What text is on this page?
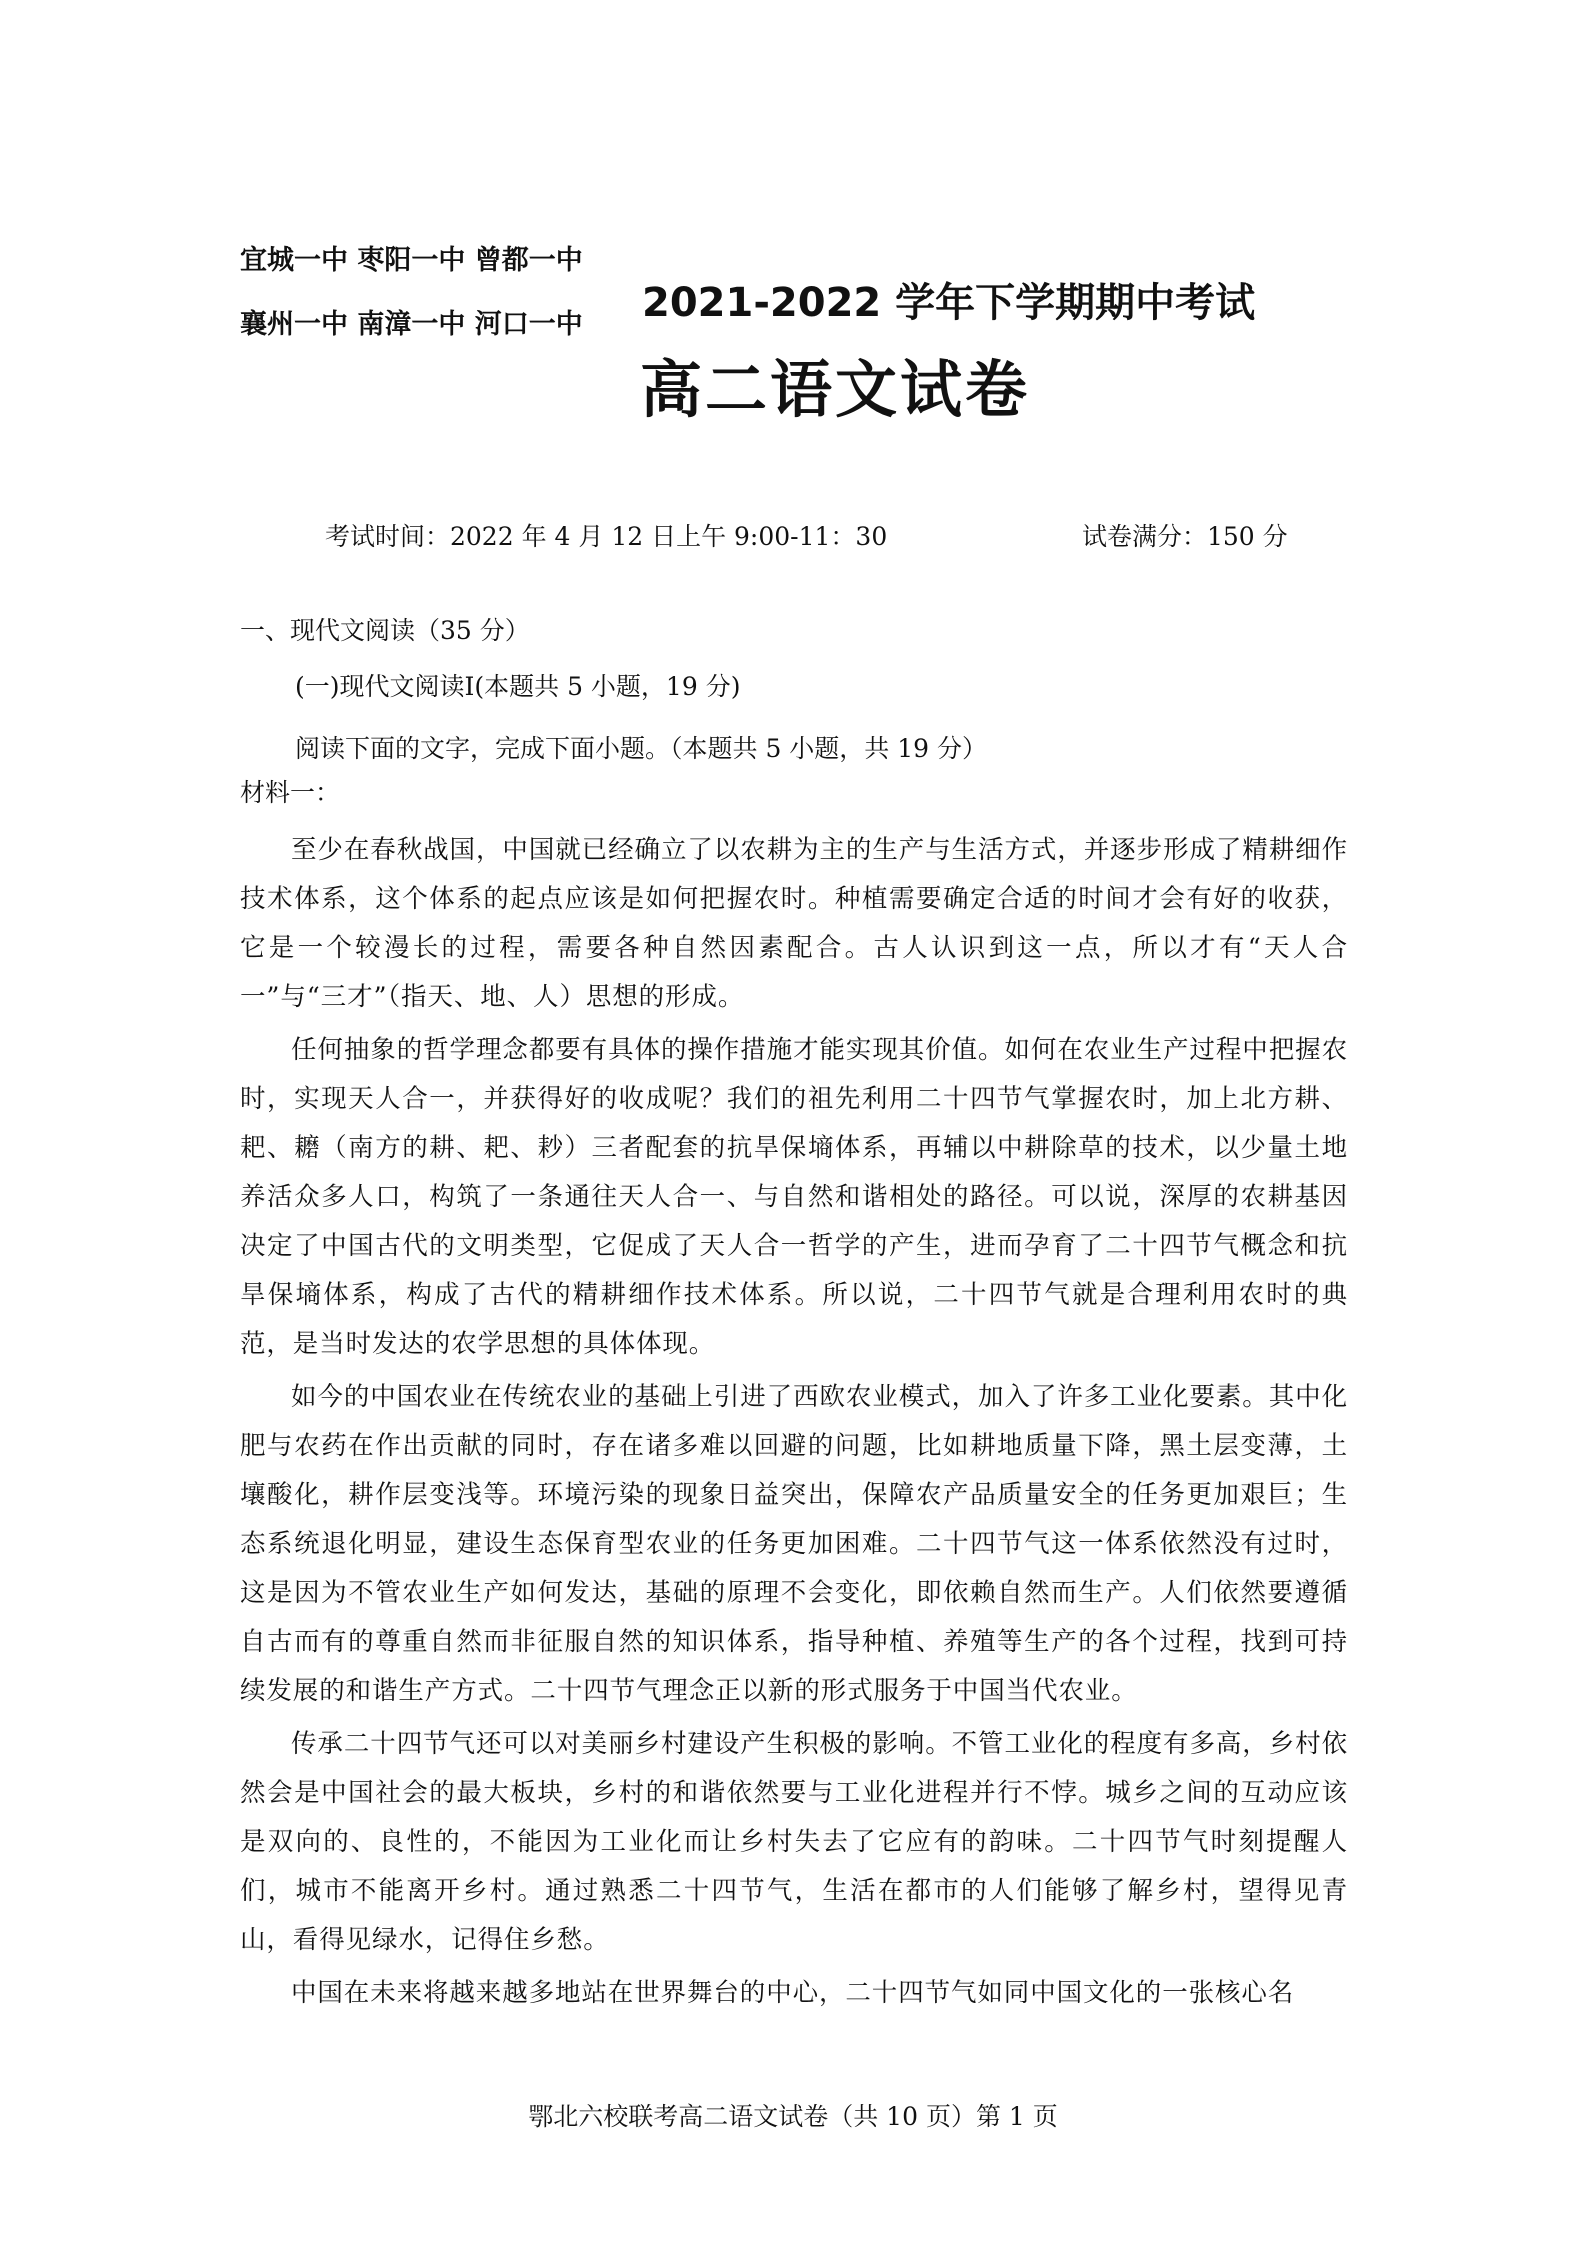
宜城一中 枣阳一中 曾都一中
襄州一中 南漳一中 河口一中 2021-2022 学年下学期期中考试
高二语文试卷
考试时间：2022 年 4 月 12 日上午 9:00-11：30	试卷满分：150 分
一、现代文阅读（35 分）
(一)现代文阅读Ⅰ(本题共 5 小题，19 分)
阅读下面的文字，完成下面小题。（本题共 5 小题，共 19 分）
材料一：

至少在春秋战国，中国就已经确立了以农耕为主的生产与生活方式，并逐步形成了精耕细作技术体系，这个体系的起点应该是如何把握农时。种植需要确定合适的时间才会有好的收获，它是一个较漫长的过程，需要各种自然因素配合。古人认识到这一点，所以才有“天人合一”与“三才”（指天、地、人）思想的形成。

任何抽象的哲学理念都要有具体的操作措施才能实现其价值。如何在农业生产过程中把握农时，实现天人合一，并获得好的收成呢？我们的祖先利用二十四节气掌握农时，加上北方耕、耙、耱（南方的耕、耙、耖）三者配套的抗旱保墒体系，再辅以中耕除草的技术，以少量土地养活众多人口，构筑了一条通往天人合一、与自然和谐相处的路径。可以说，深厚的农耕基因决定了中国古代的文明类型，它促成了天人合一哲学的产生，进而孕育了二十四节气概念和抗旱保墒体系，构成了古代的精耕细作技术体系。所以说，二十四节气就是合理利用农时的典范，是当时发达的农学思想的具体体现。

如今的中国农业在传统农业的基础上引进了西欧农业模式，加入了许多工业化要素。其中化肥与农药在作出贡献的同时，存在诸多难以回避的问题，比如耕地质量下降，黑土层变薄，土壤酸化，耕作层变浅等。环境污染的现象日益突出，保障农产品质量安全的任务更加艰巨；生态系统退化明显，建设生态保育型农业的任务更加困难。二十四节气这一体系依然没有过时，这是因为不管农业生产如何发达，基础的原理不会变化，即依赖自然而生产。人们依然要遵循自古而有的尊重自然而非征服自然的知识体系，指导种植、养殖等生产的各个过程，找到可持续发展的和谐生产方式。二十四节气理念正以新的形式服务于中国当代农业。

传承二十四节气还可以对美丽乡村建设产生积极的影响。不管工业化的程度有多高，乡村依然会是中国社会的最大板块，乡村的和谐依然要与工业化进程并行不悖。城乡之间的互动应该是双向的、良性的，不能因为工业化而让乡村失去了它应有的韵味。二十四节气时刻提醒人们，城市不能离开乡村。通过熟悉二十四节气，生活在都市的人们能够了解乡村，望得见青山，看得见绿水，记得住乡愁。

中国在未来将越来越多地站在世界舞台的中心，二十四节气如同中国文化的一张核心名

鄂北六校联考高二语文试卷（共 10 页）第 1 页
